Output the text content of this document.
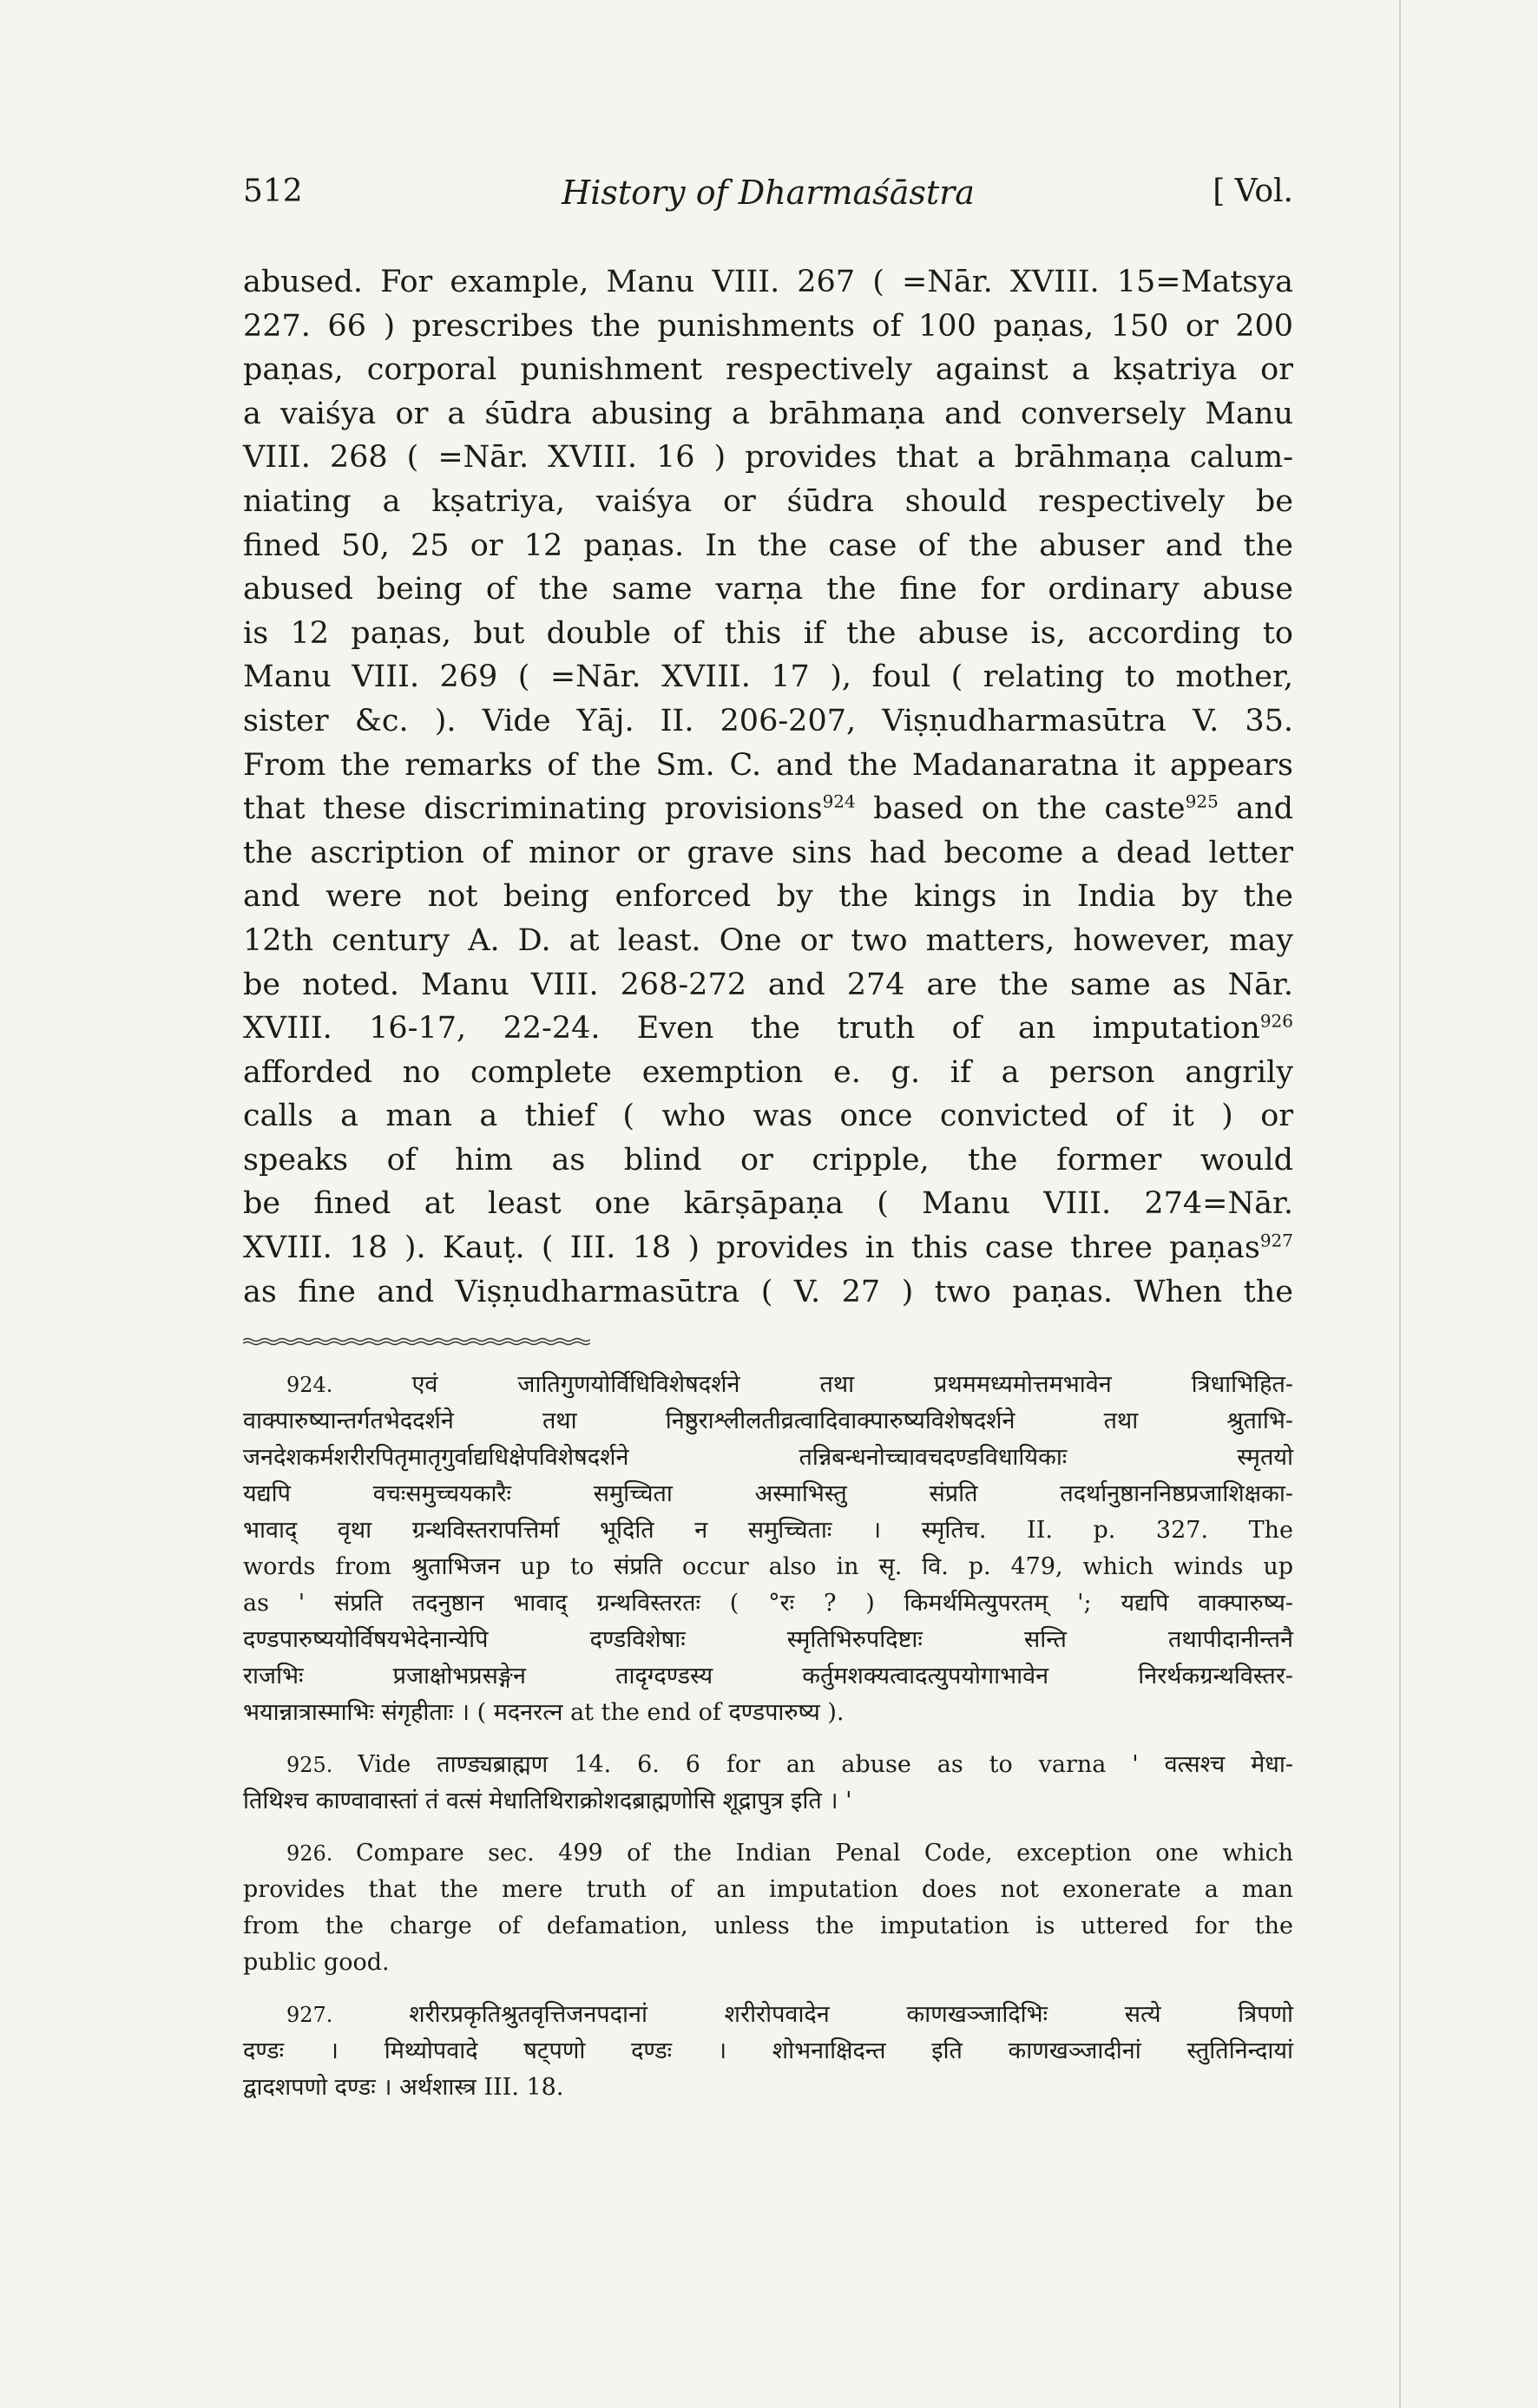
512	History of Dharmaśāstra	[ Vol.
abused. For example, Manu VIII. 267 ( =Nār. XVIII. 15=Matsya
227. 66 ) prescribes the punishments of 100 paṇas, 150 or 200
paṇas, corporal punishment respectively against a kṣatriya or
a vaiśya or a śūdra abusing a brāhmaṇa and conversely Manu
VIII. 268 ( =Nār. XVIII. 16 ) provides that a brāhmaṇa calum-
niating a kṣatriya, vaiśya or śūdra should respectively be
fined 50, 25 or 12 paṇas. In the case of the abuser and the
abused being of the same varṇa the fine for ordinary abuse
is 12 paṇas, but double of this if the abuse is, according to
Manu VIII. 269 ( =Nār. XVIII. 17 ), foul ( relating to mother,
sister &c. ). Vide Yāj. II. 206-207, Viṣṇudharmasūtra V. 35.
From the remarks of the Sm. C. and the Madanaratna it appears
that these discriminating provisions$^{924}$ based on the caste$^{925}$ and
the ascription of minor or grave sins had become a dead letter
and were not being enforced by the kings in India by the
12th century A. D. at least. One or two matters, however, may
be noted. Manu VIII. 268-272 and 274 are the same as Nār.
XVIII. 16-17, 22-24. Even the truth of an imputation$^{926}$
afforded no complete exemption e. g. if a person angrily
calls a man a thief ( who was once convicted of it ) or
speaks of him as blind or cripple, the former would
be fined at least one kārṣāpaṇa ( Manu VIII. 274=Nār.
XVIII. 18 ). Kauṭ. ( III. 18 ) provides in this case three paṇas$^{927}$
as fine and Viṣṇudharmasūtra ( V. 27 ) two paṇas. When the
924. एवं जातिगुणयोर्विधिविशेषदर्शने तथा प्रथममध्यमोत्तमभावेन त्रिधाभिहित-
वाक्पारुष्यान्तर्गतभेददर्शने तथा निष्ठुराश्लीलतीव्रत्वादिवाक्पारुष्यविशेषदर्शने तथा श्रुताभि-
जनदेशकर्मशरीरपितृमातृगुर्वाद्यधिक्षेपविशेषदर्शने तन्निबन्धनोच्चावचदण्डविधायिकाः स्मृतयो
यद्यपि वचःसमुच्चयकारैः समुच्चिता अस्माभिस्तु संप्रति तदर्थानुष्ठाननिष्ठप्रजाशिक्षका-
भावाद् वृथा ग्रन्थविस्तरापत्तिर्मा भूदिति न समुच्चिताः । स्मृतिच. II. p. 327. The
words from श्रुताभिजन up to संप्रति occur also in सृ. वि. p. 479, which winds up
as ' संप्रति तदनुष्ठान भावाद् ग्रन्थविस्तरतः ( °रः ? ) किमर्थमित्युपरतम् '; यद्यपि वाक्पारुष्य-
दण्डपारुष्ययोर्विषयभेदेनान्येपि दण्डविशेषाः स्मृतिभिरुपदिष्टाः सन्ति तथापीदानीन्तनै
राजभिः प्रजाक्षोभप्रसङ्गेन तादृग्दण्डस्य कर्तुमशक्यत्वादत्युपयोगाभावेन निरर्थकग्रन्थविस्तर-
भयान्नात्रास्माभिः संगृहीताः । ( मदनरत्न at the end of दण्डपारुष्य ).
925. Vide ताण्ड्यब्राह्मण 14. 6. 6 for an abuse as to varna ' वत्सश्च मेधा-
तिथिश्च काण्वावास्तां तं वत्सं मेधातिथिराक्रोशदब्राह्मणोसि शूद्रापुत्र इति । '
926. Compare sec. 499 of the Indian Penal Code, exception one which
provides that the mere truth of an imputation does not exonerate a man
from the charge of defamation, unless the imputation is uttered for the
public good.
927. शरीरप्रकृतिश्रुतवृत्तिजनपदानां शरीरोपवादेन काणखञ्जादिभिः सत्ये त्रिपणो
दण्डः । मिथ्योपवादे षट्पणो दण्डः । शोभनाक्षिदन्त इति काणखञ्जादीनां स्तुतिनिन्दायां
द्वादशपणो दण्डः । अर्थशास्त्र III. 18.
